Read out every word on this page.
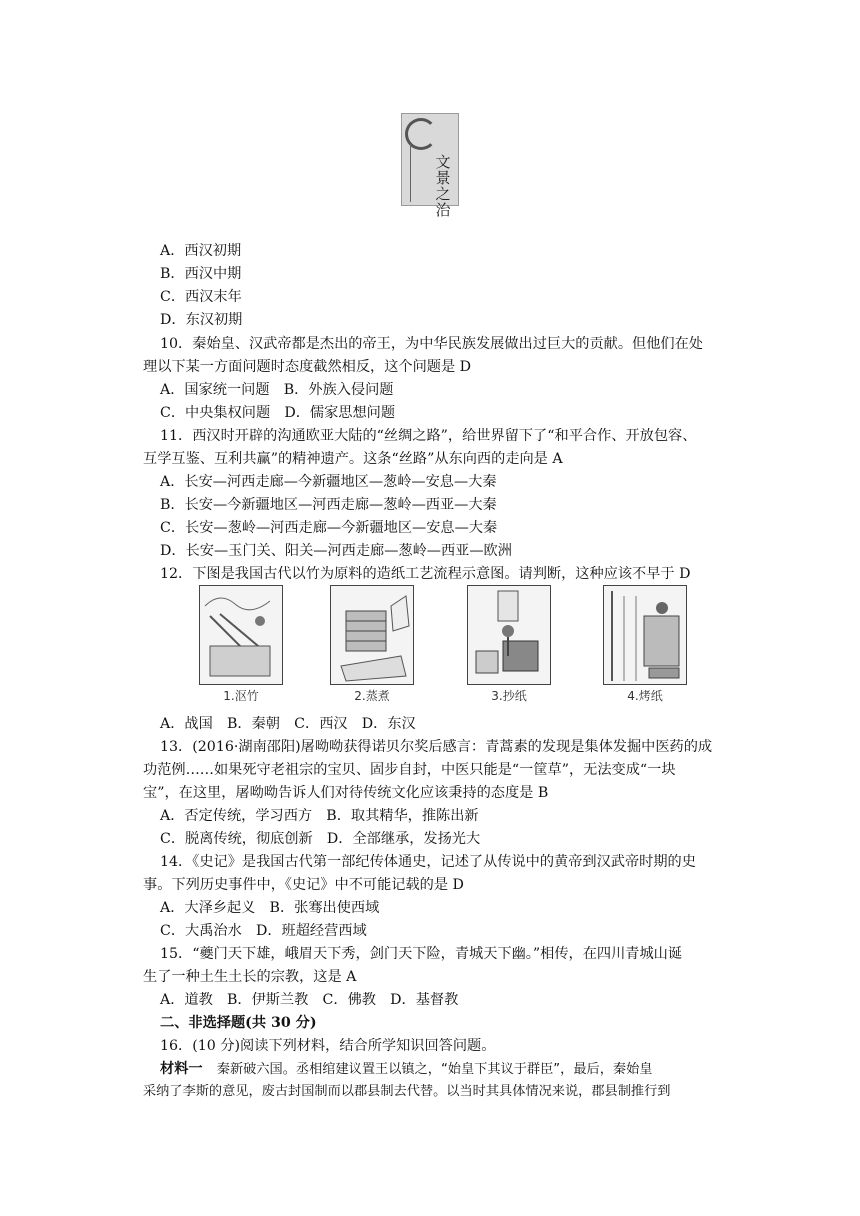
文景之治
A．西汉初期
B．西汉中期
C．西汉末年
D．东汉初期
10．秦始皇、汉武帝都是杰出的帝王，为中华民族发展做出过巨大的贡献。但他们在处
理以下某一方面问题时态度截然相反，这个问题是 D
A．国家统一问题　B．外族入侵问题
C．中央集权问题　D．儒家思想问题
11．西汉时开辟的沟通欧亚大陆的“丝绸之路”，给世界留下了“和平合作、开放包容、
互学互鉴、互利共赢”的精神遗产。这条“丝路”从东向西的走向是 A
A．长安—河西走廊—今新疆地区—葱岭—安息—大秦
B．长安—今新疆地区—河西走廊—葱岭—西亚—大秦
C．长安—葱岭—河西走廊—今新疆地区—安息—大秦
D．长安—玉门关、阳关—河西走廊—葱岭—西亚—欧洲
12．下图是我国古代以竹为原料的造纸工艺流程示意图。请判断，这种应该不早于 D
1.沤竹	2.蒸煮	3.抄纸	4.烤纸
A．战国　B．秦朝　C．西汉　D．东汉
13．(2016·湖南邵阳)屠呦呦获得诺贝尔奖后感言：青蒿素的发现是集体发掘中医药的成
功范例……如果死守老祖宗的宝贝、固步自封，中医只能是“一筐草”，无法变成“一块
宝”，在这里，屠呦呦告诉人们对待传统文化应该秉持的态度是 B
A．否定传统，学习西方　B．取其精华，推陈出新
C．脱离传统，彻底创新　D．全部继承，发扬光大
14．《史记》是我国古代第一部纪传体通史，记述了从传说中的黄帝到汉武帝时期的史
事。下列历史事件中，《史记》中不可能记载的是 D
A．大泽乡起义　B．张骞出使西域
C．大禹治水　D．班超经营西域
15．“夔门天下雄，峨眉天下秀，剑门天下险，青城天下幽。”相传，在四川青城山诞
生了一种土生土长的宗教，这是 A
A．道教　B．伊斯兰教　C．佛教　D．基督教
二、非选择题(共 30 分)
16．(10 分)阅读下列材料，结合所学知识回答问题。
材料一　 秦新破六国。丞相绾建议置王以镇之，“始皇下其议于群臣”，最后，秦始皇
采纳了李斯的意见，废古封国制而以郡县制去代替。以当时其具体情况来说，郡县制推行到
